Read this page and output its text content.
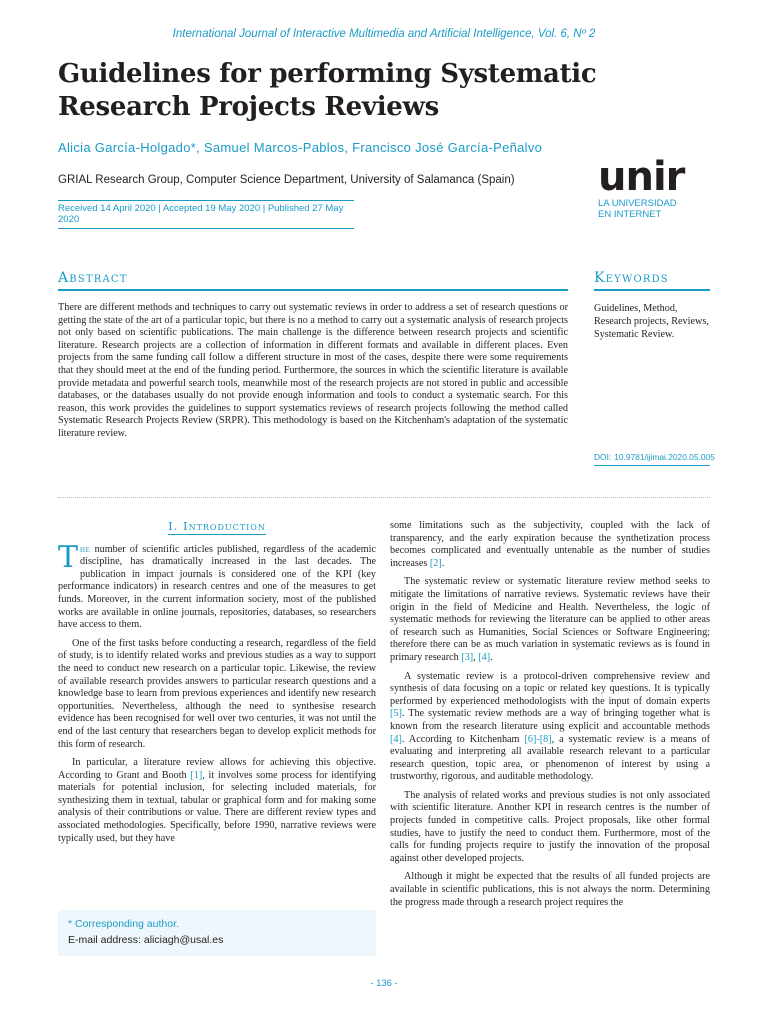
International Journal of Interactive Multimedia and Artificial Intelligence, Vol. 6, Nº 2
Guidelines for performing Systematic Research Projects Reviews
Alicia García-Holgado*, Samuel Marcos-Pablos, Francisco José García-Peñalvo
GRIAL Research Group, Computer Science Department, University of Salamanca (Spain)
Received 14 April 2020 | Accepted 19 May 2020 | Published 27 May 2020
unir
LA UNIVERSIDAD
EN INTERNET
Abstract
There are different methods and techniques to carry out systematic reviews in order to address a set of research questions or getting the state of the art of a particular topic, but there is no a method to carry out a systematic analysis of research projects not only based on scientific publications. The main challenge is the difference between research projects and scientific literature. Research projects are a collection of information in different formats and available in different places. Even projects from the same funding call follow a different structure in most of the cases, despite there were some requirements that they should meet at the end of the funding period. Furthermore, the sources in which the scientific literature is available provide metadata and powerful search tools, meanwhile most of the research projects are not stored in public and accessible databases, or the databases usually do not provide enough information and tools to conduct a systematic search. For this reason, this work provides the guidelines to support systematics reviews of research projects following the method called Systematic Research Projects Review (SRPR). This methodology is based on the Kitchenham's adaptation of the systematic literature review.
Keywords
Guidelines, Method, Research projects, Reviews, Systematic Review.
DOI: 10.9781/ijimai.2020.05.005
I. Introduction

The number of scientific articles published, regardless of the academic discipline, has dramatically increased in the last decades. The publication in impact journals is considered one of the KPI (key performance indicators) in research centres and one of the measures to get funds. Moreover, in the current information society, most of the published works are available in online journals, repositories, databases, so researchers have access to them.

One of the first tasks before conducting a research, regardless of the field of study, is to identify related works and previous studies as a way to support the need to conduct new research on a particular topic. Likewise, the review of available research provides answers to particular research questions and a knowledge base to learn from previous experiences and identify new research opportunities. Nevertheless, although the need to synthesise research evidence has been recognised for well over two centuries, it was not until the end of the last century that researchers began to develop explicit methods for this form of research.

In particular, a literature review allows for achieving this objective. According to Grant and Booth [1], it involves some process for identifying materials for potential inclusion, for selecting included materials, for synthesizing them in textual, tabular or graphical form and for making some analysis of their contributions or value. There are different review types and associated methodologies. Specifically, before 1990, narrative reviews were typically used, but they have

some limitations such as the subjectivity, coupled with the lack of transparency, and the early expiration because the synthetization process becomes complicated and eventually untenable as the number of studies increases [2].

The systematic review or systematic literature review method seeks to mitigate the limitations of narrative reviews. Systematic reviews have their origin in the field of Medicine and Health. Nevertheless, the logic of systematic methods for reviewing the literature can be applied to other areas of research such as Humanities, Social Sciences or Software Engineering; therefore there can be as much variation in systematic reviews as is found in primary research [3], [4].

A systematic review is a protocol-driven comprehensive review and synthesis of data focusing on a topic or related key questions. It is typically performed by experienced methodologists with the input of domain experts [5]. The systematic review methods are a way of bringing together what is known from the research literature using explicit and accountable methods [4]. According to Kitchenham [6]-[8], a systematic review is a means of evaluating and interpreting all available research relevant to a particular research question, topic area, or phenomenon of interest by using a trustworthy, rigorous, and auditable methodology.

The analysis of related works and previous studies is not only associated with scientific literature. Another KPI in research centres is the number of projects funded in competitive calls. Project proposals, like other formal studies, have to justify the need to conduct them. Furthermore, most of the calls for funding projects require to justify the innovation of the proposal against other developed projects.

Although it might be expected that the results of all funded projects are available in scientific publications, this is not always the norm. Determining the progress made through a research project requires the

* Corresponding author.
E-mail address: aliciagh@usal.es
- 136 -
